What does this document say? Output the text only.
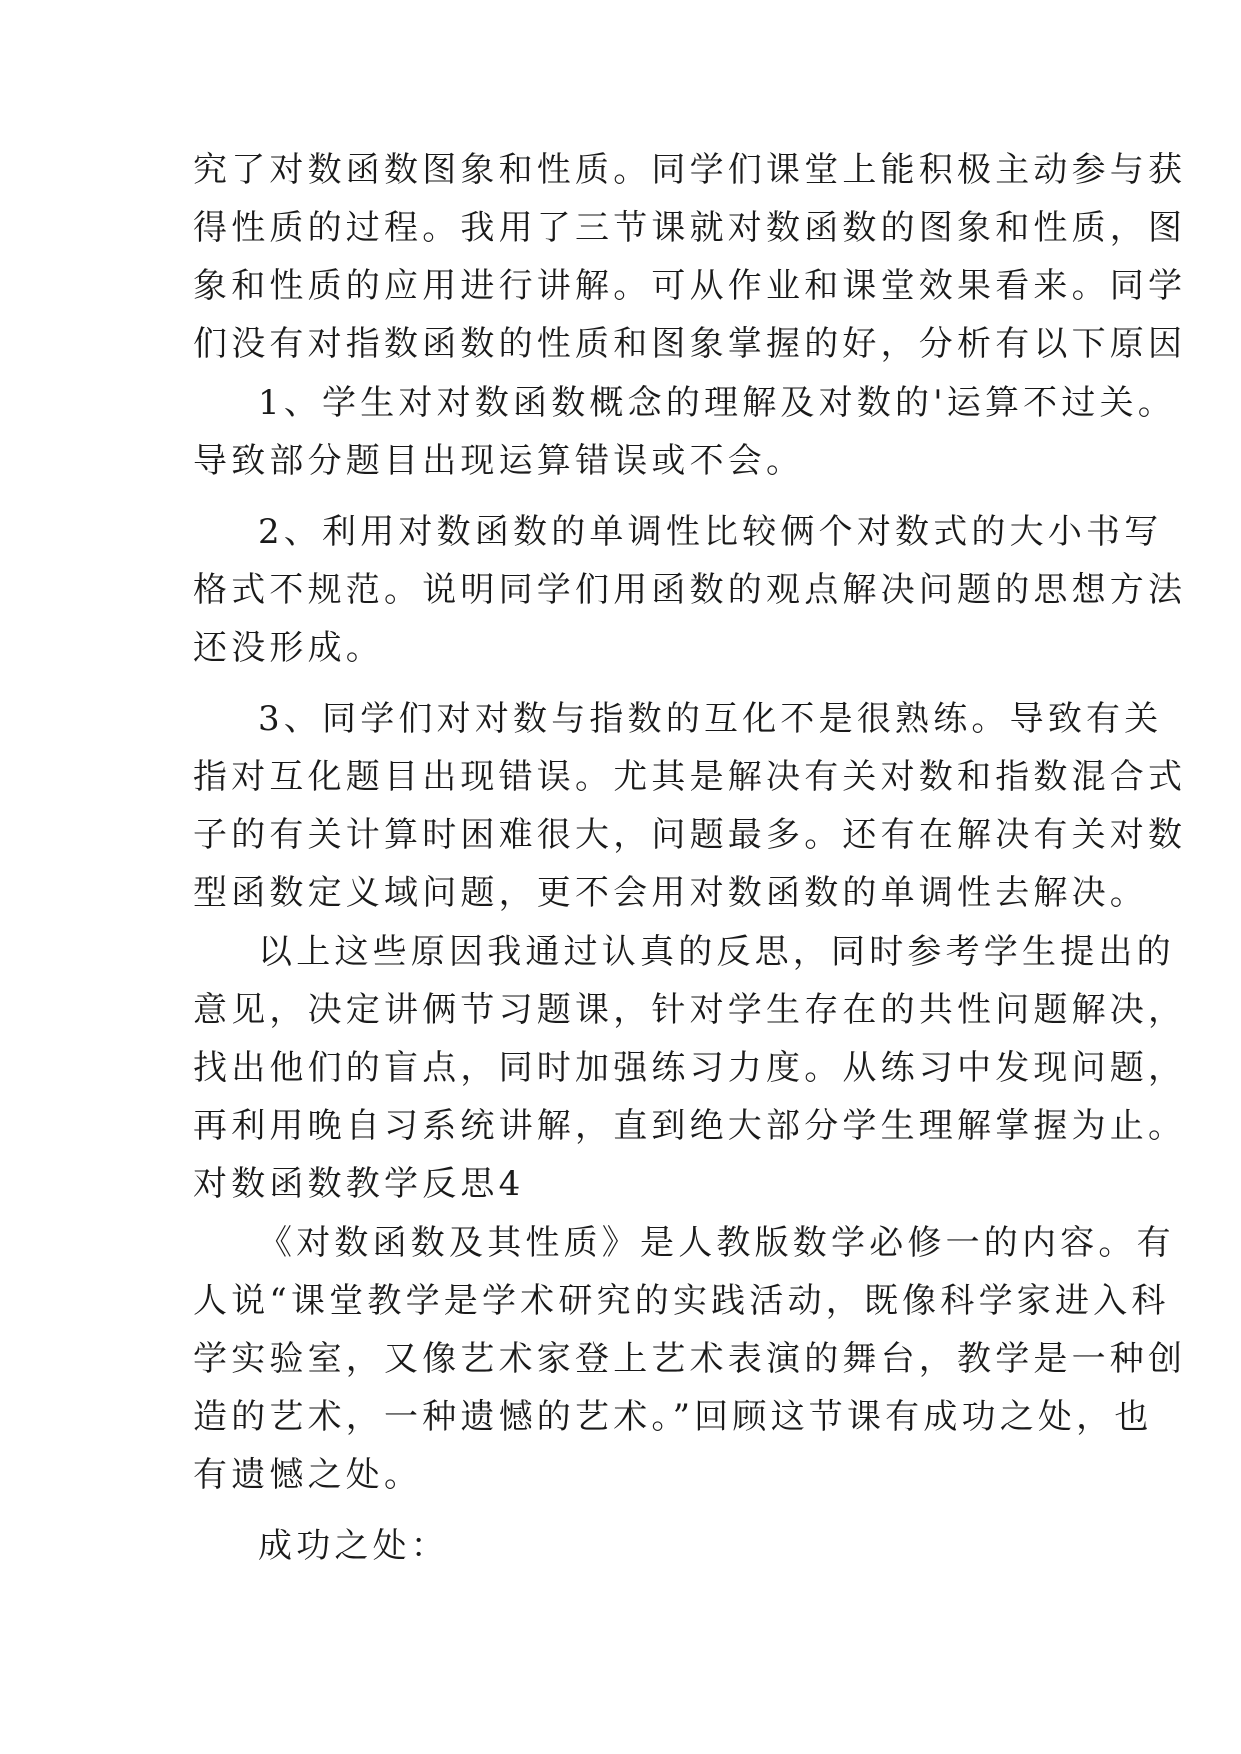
究了对数函数图象和性质。同学们课堂上能积极主动参与获
得性质的过程。我用了三节课就对数函数的图象和性质，图
象和性质的应用进行讲解。可从作业和课堂效果看来。同学
们没有对指数函数的性质和图象掌握的好，分析有以下原因
1、学生对对数函数概念的理解及对数的'运算不过关。
导致部分题目出现运算错误或不会。
2、利用对数函数的单调性比较俩个对数式的大小书写
格式不规范。说明同学们用函数的观点解决问题的思想方法
还没形成。
3、同学们对对数与指数的互化不是很熟练。导致有关
指对互化题目出现错误。尤其是解决有关对数和指数混合式
子的有关计算时困难很大，问题最多。还有在解决有关对数
型函数定义域问题，更不会用对数函数的单调性去解决。
以上这些原因我通过认真的反思，同时参考学生提出的
意见，决定讲俩节习题课，针对学生存在的共性问题解决，
找出他们的盲点，同时加强练习力度。从练习中发现问题，
再利用晚自习系统讲解，直到绝大部分学生理解掌握为止。
对数函数教学反思4
《对数函数及其性质》是人教版数学必修一的内容。有
人说“课堂教学是学术研究的实践活动，既像科学家进入科
学实验室，又像艺术家登上艺术表演的舞台，教学是一种创
造的艺术，一种遗憾的艺术。”回顾这节课有成功之处，也
有遗憾之处。
成功之处：
